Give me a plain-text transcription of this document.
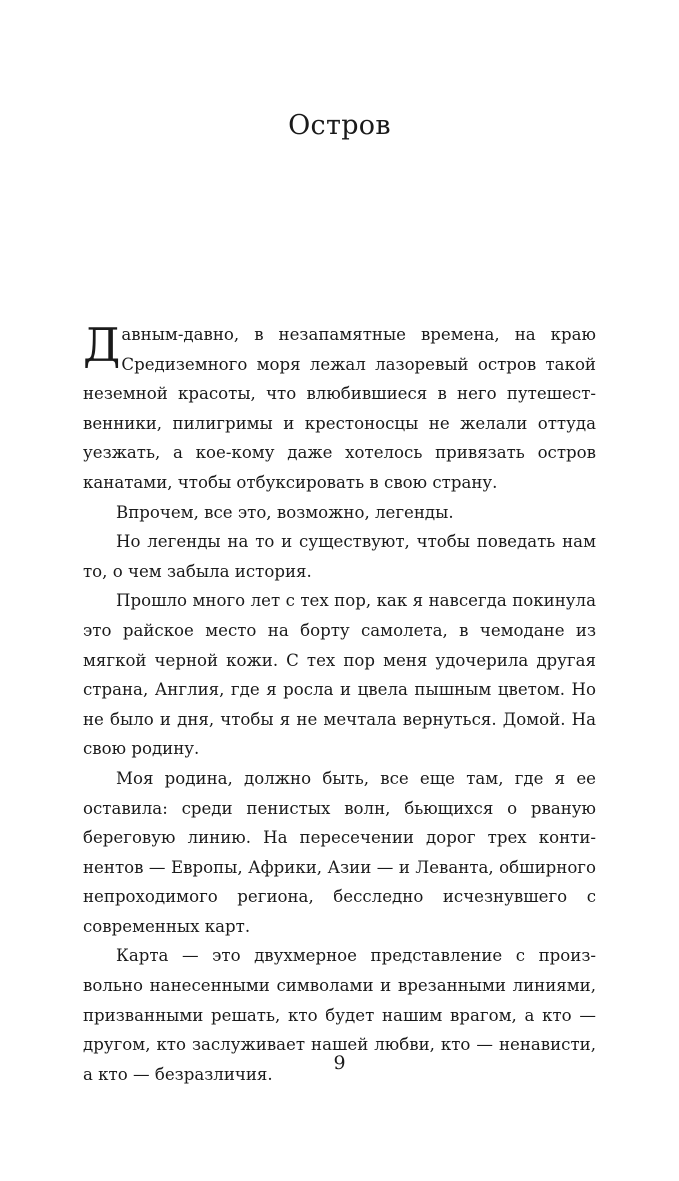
Остров

Давным-давно, в незапамятные времена, на краю Средиземного моря лежал лазоревый остров такой неземной красоты, что влюбившиеся в него путешественники, пилигримы и крестоносцы не желали оттуда уезжать, а кое-кому даже хотелось привязать остров канатами, чтобы отбуксировать в свою страну.

Впрочем, все это, возможно, легенды.

Но легенды на то и существуют, чтобы поведать нам то, о чем забыла история.

Прошло много лет с тех пор, как я навсегда покинула это райское место на борту самолета, в чемодане из мягкой черной кожи. С тех пор меня удочерила другая страна, Англия, где я росла и цвела пышным цветом. Но не было и дня, чтобы я не мечтала вернуться. Домой. На свою родину.

Моя родина, должно быть, все еще там, где я ее оставила: среди пенистых волн, бьющихся о рваную береговую линию. На пересечении дорог трех континентов — Европы, Африки, Азии — и Леванта, обширного непроходимого региона, бесследно исчезнувшего с современных карт.

Карта — это двухмерное представление с произвольно нанесенными символами и врезанными линиями, призванными решать, кто будет нашим врагом, а кто — другом, кто заслуживает нашей любви, кто — ненависти, а кто — безразличия.

9
